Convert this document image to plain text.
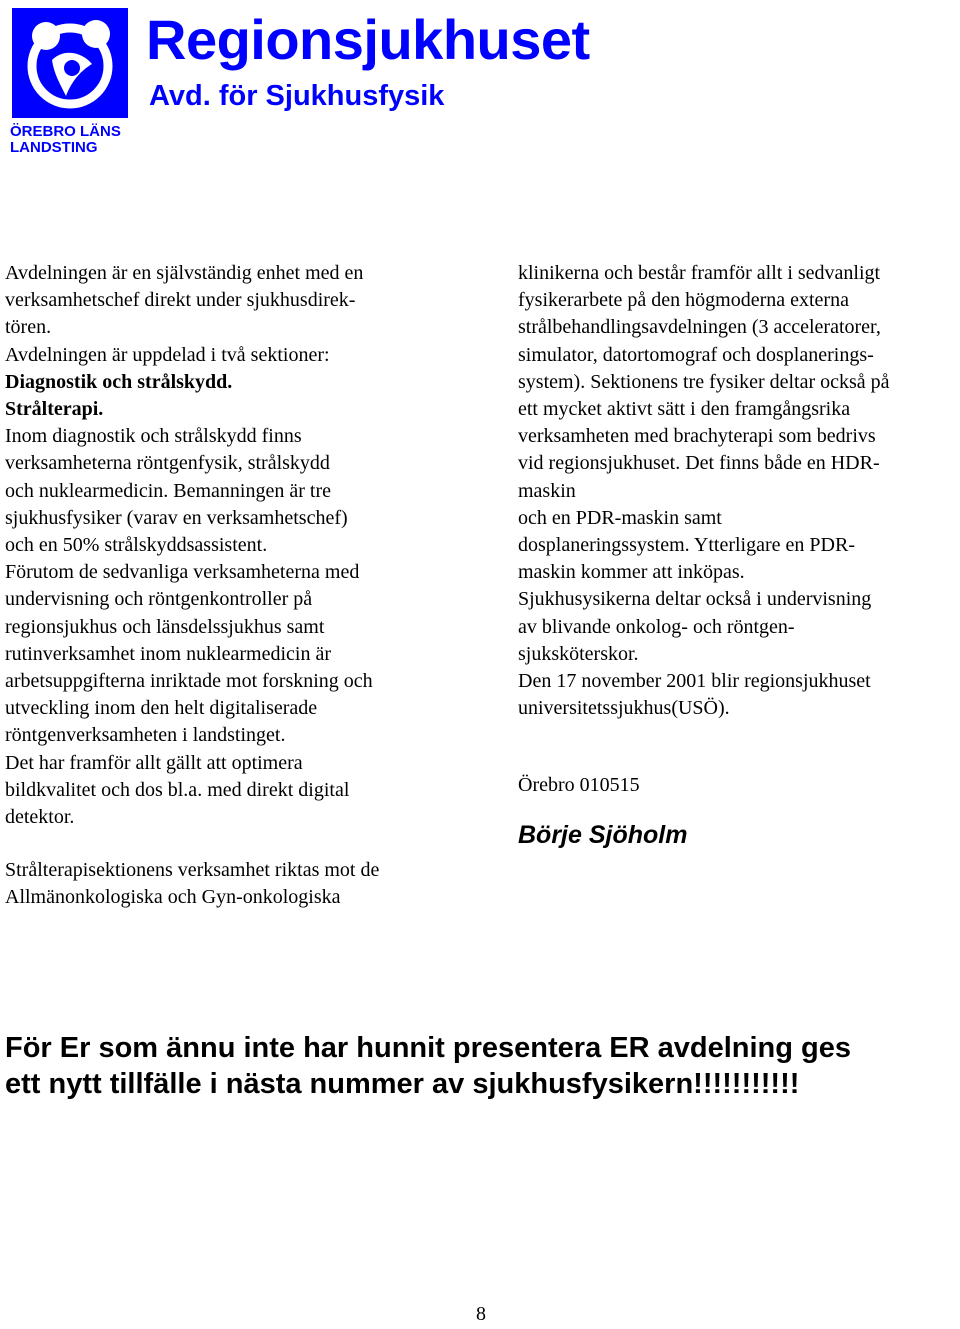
ÖREBRO LÄNS
LANDSTING
Regionsjukhuset
Avd. för Sjukhusfysik
Avdelningen är en självständig enhet med en
verksamhetschef direkt under sjukhusdirek-
tören.
Avdelningen är uppdelad i två sektioner:
Diagnostik och strålskydd.
Strålterapi.
Inom diagnostik och strålskydd finns
verksamheterna röntgenfysik, strålskydd
och nuklearmedicin. Bemanningen är tre
sjukhusfysiker (varav en verksamhetschef)
och en 50% strålskyddsassistent.
Förutom de sedvanliga verksamheterna med
undervisning och röntgenkontroller på
regionsjukhus och länsdelssjukhus samt
rutinverksamhet inom nuklearmedicin är
arbetsuppgifterna inriktade mot forskning och
utveckling inom den helt digitaliserade
röntgenverksamheten i landstinget.
Det har framför allt gällt att optimera
bildkvalitet och dos bl.a. med direkt digital
detektor.
Strålterapisektionens verksamhet riktas mot de
Allmänonkologiska och Gyn-onkologiska
klinikerna och består framför allt i sedvanligt
fysikerarbete på den högmoderna externa
strålbehandlingsavdelningen (3 acceleratorer,
simulator, datortomograf och dosplanerings-
system). Sektionens tre fysiker deltar också på
ett mycket aktivt sätt i den framgångsrika
verksamheten med brachyterapi som bedrivs
vid regionsjukhuset. Det finns både en HDR-
maskin
och en PDR-maskin samt
dosplaneringssystem. Ytterligare en PDR-
maskin kommer att inköpas.
Sjukhusysikerna deltar också i undervisning
av blivande onkolog- och röntgen-
sjuksköterskor.
Den 17 november 2001 blir regionsjukhuset
universitetssjukhus(USÖ).
Örebro 010515
Börje Sjöholm
För Er som ännu inte har hunnit presentera ER avdelning ges
ett nytt tillfälle i nästa nummer av sjukhusfysikern!!!!!!!!!!!
8
